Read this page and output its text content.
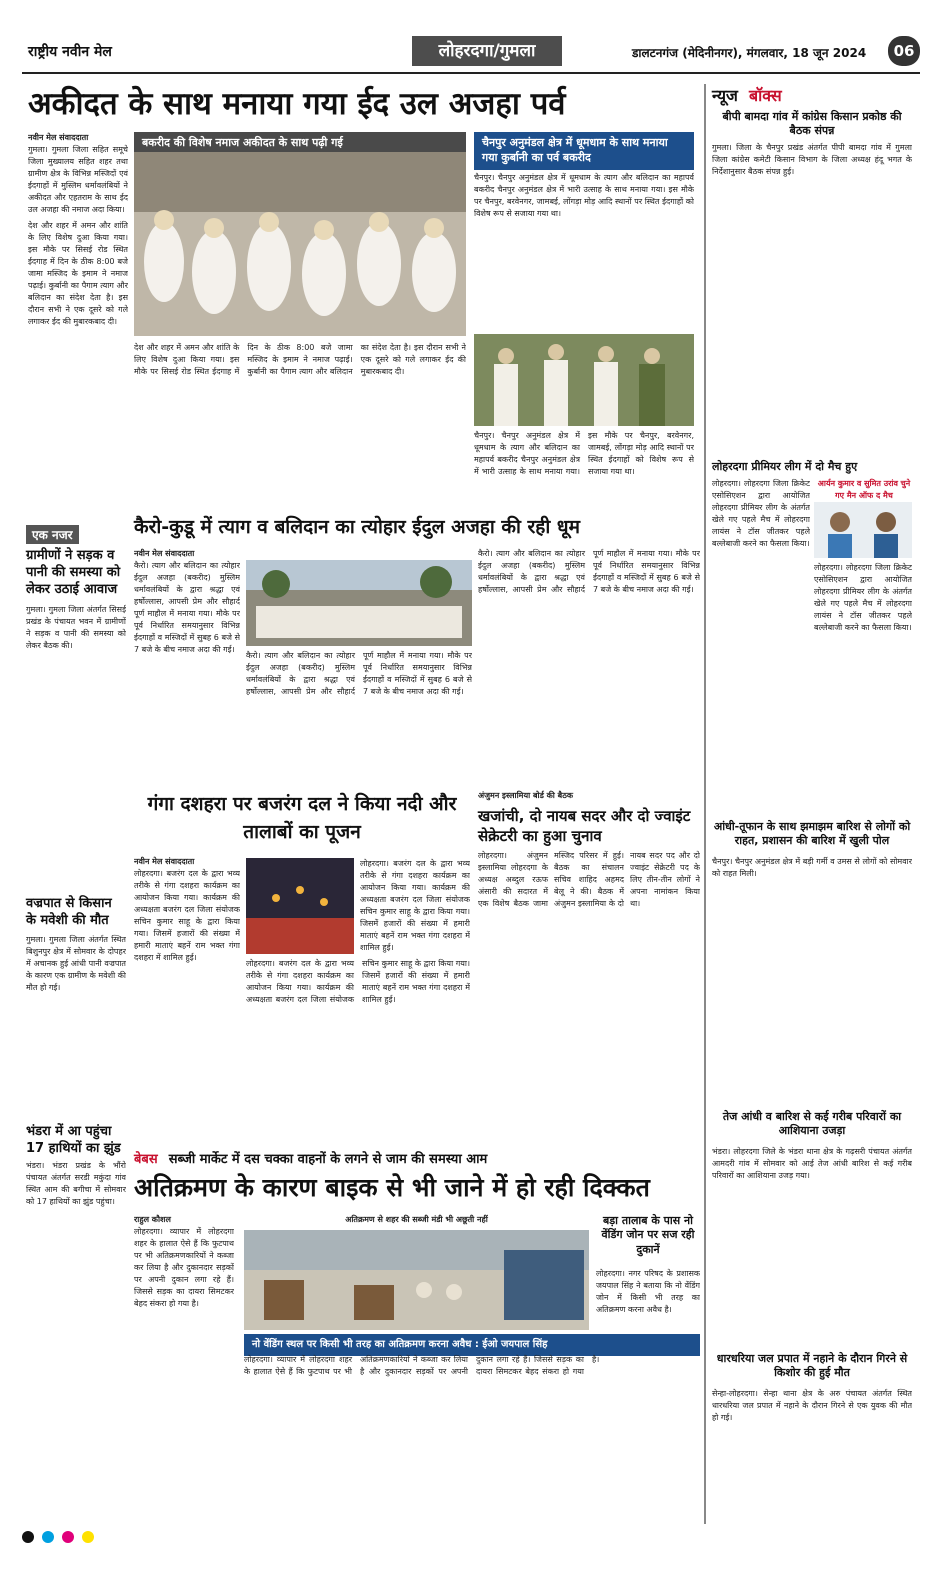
राष्ट्रीय नवीन मेल	लोहरदगा/गुमला	डालटनगंज (मेदिनीनगर), मंगलवार, 18 जून 2024	06
अकीदत के साथ मनाया गया ईद उल अजहा पर्व
नवीन मेल संवाददाता
गुमला। गुमला जिला सहित समूचे जिला मुख्यालय सहित शहर तथा ग्रामीण क्षेत्र के विभिन्न मस्जिदों एवं ईदगाहों में मुस्लिम धर्मावलंबियों ने अकीदत और एहतराम के साथ ईद उल अजहा की नमाज अदा किया।
देश और शहर में अमन और शांति के लिए विशेष दुआ किया गया। इस मौके पर सिसई रोड स्थित ईदगाह में दिन के ठीक 8:00 बजे जामा मस्जिद के इमाम ने नमाज पढ़ाई। कुर्बानी का पैगाम त्याग और बलिदान का संदेश देता है। इस दौरान सभी ने एक दूसरे को गले लगाकर ईद की मुबारकबाद दी।
बकरीद की विशेष नमाज अकीदत के साथ पढ़ी गई
देश और शहर में अमन और शांति के लिए विशेष दुआ किया गया। इस मौके पर सिसई रोड स्थित ईदगाह में दिन के ठीक 8:00 बजे जामा मस्जिद के इमाम ने नमाज पढ़ाई। कुर्बानी का पैगाम त्याग और बलिदान का संदेश देता है। इस दौरान सभी ने एक दूसरे को गले लगाकर ईद की मुबारकबाद दी।
चैनपुर अनुमंडल क्षेत्र में धूमधाम के साथ मनाया गया कुर्बानी का पर्व बकरीद
चैनपुर। चैनपुर अनुमंडल क्षेत्र में धूमधाम के त्याग और बलिदान का महापर्व बकरीद चैनपुर अनुमंडल क्षेत्र में भारी उत्साह के साथ मनाया गया। इस मौके पर चैनपुर, बरवेनगर, जामबई, लोंगड़ा मोड़ आदि स्थानों पर स्थित ईदगाहों को विशेष रूप से सजाया गया था।
चैनपुर। चैनपुर अनुमंडल क्षेत्र में धूमधाम के त्याग और बलिदान का महापर्व बकरीद चैनपुर अनुमंडल क्षेत्र में भारी उत्साह के साथ मनाया गया। इस मौके पर चैनपुर, बरवेनगर, जामबई, लोंगड़ा मोड़ आदि स्थानों पर स्थित ईदगाहों को विशेष रूप से सजाया गया था।
एक नजर
ग्रामीणों ने सड़क व पानी की समस्या को लेकर उठाई आवाज
गुमला। गुमला जिला अंतर्गत सिसई प्रखंड के पंचायत भवन में ग्रामीणों ने सड़क व पानी की समस्या को लेकर बैठक की।
वज्रपात से किसान के मवेशी की मौत
गुमला। गुमला जिला अंतर्गत स्थित बिशुनपुर क्षेत्र में सोमवार के दोपहर में अचानक हुई आंधी पानी वज्रपात के कारण एक ग्रामीण के मवेशी की मौत हो गई।
भंडरा में आ पहुंचा 17 हाथियों का झुंड
भंडरा। भंडरा प्रखंड के भौंरो पंचायत अंतर्गत सरडी मकुंदा गांव स्थित आम की बगीचा में सोमवार को 17 हाथियों का झुंड पहुंचा।
कैरो-कुडू में त्याग व बलिदान का त्योहार ईदुल अजहा की रही धूम
नवीन मेल संवाददाता
कैरो। त्याग और बलिदान का त्योहार ईदुल अजहा (बकरीद) मुस्लिम धर्मावलंबियों के द्वारा श्रद्धा एवं हर्षोल्लास, आपसी प्रेम और सौहार्द पूर्ण माहौल में मनाया गया। मौके पर पूर्व निर्धारित समयानुसार विभिन्न ईदगाहों व मस्जिदों में सुबह 6 बजे से 7 बजे के बीच नमाज अदा की गई।
कैरो। त्याग और बलिदान का त्योहार ईदुल अजहा (बकरीद) मुस्लिम धर्मावलंबियों के द्वारा श्रद्धा एवं हर्षोल्लास, आपसी प्रेम और सौहार्द पूर्ण माहौल में मनाया गया। मौके पर पूर्व निर्धारित समयानुसार विभिन्न ईदगाहों व मस्जिदों में सुबह 6 बजे से 7 बजे के बीच नमाज अदा की गई।
कैरो। त्याग और बलिदान का त्योहार ईदुल अजहा (बकरीद) मुस्लिम धर्मावलंबियों के द्वारा श्रद्धा एवं हर्षोल्लास, आपसी प्रेम और सौहार्द पूर्ण माहौल में मनाया गया। मौके पर पूर्व निर्धारित समयानुसार विभिन्न ईदगाहों व मस्जिदों में सुबह 6 बजे से 7 बजे के बीच नमाज अदा की गई।
गंगा दशहरा पर बजरंग दल ने किया नदी और तालाबों का पूजन
नवीन मेल संवाददाता
लोहरदगा। बजरंग दल के द्वारा भव्य तरीके से गंगा दशहरा कार्यक्रम का आयोजन किया गया। कार्यक्रम की अध्यक्षता बजरंग दल जिला संयोजक सचिन कुमार साहू के द्वारा किया गया। जिसमें हजारों की संख्या में हमारी माताएं बहनें राम भक्त गंगा दशहरा में शामिल हुई।
लोहरदगा। बजरंग दल के द्वारा भव्य तरीके से गंगा दशहरा कार्यक्रम का आयोजन किया गया। कार्यक्रम की अध्यक्षता बजरंग दल जिला संयोजक सचिन कुमार साहू के द्वारा किया गया। जिसमें हजारों की संख्या में हमारी माताएं बहनें राम भक्त गंगा दशहरा में शामिल हुई।
लोहरदगा। बजरंग दल के द्वारा भव्य तरीके से गंगा दशहरा कार्यक्रम का आयोजन किया गया। कार्यक्रम की अध्यक्षता बजरंग दल जिला संयोजक सचिन कुमार साहू के द्वारा किया गया। जिसमें हजारों की संख्या में हमारी माताएं बहनें राम भक्त गंगा दशहरा में शामिल हुई।
अंजुमन इस्लामिया बोर्ड की बैठक
खजांची, दो नायब सदर और दो ज्वाइंट सेक्रेटरी का हुआ चुनाव
लोहरदगा। अंजुमन इस्लामिया लोहरदगा के अध्यक्ष अब्दुल रऊफ अंसारी की सदारत में एक विशेष बैठक जामा मस्जिद परिसर में हुई। बैठक का संचालन सचिव शाहिद अहमद बेलू ने की। बैठक में अंजुमन इस्लामिया के दो नायब सदर पद और दो ज्वाइंट सेक्रेटरी पद के लिए तीन-तीन लोगों ने अपना नामांकन किया था।
बेबस सब्जी मार्केट में दस चक्का वाहनों के लगने से जाम की समस्या आम
अतिक्रमण के कारण बाइक से भी जाने में हो रही दिक्कत
राहुल कौशल
लोहरदगा। व्यापार में लोहरदगा शहर के हालात ऐसे हैं कि फुटपाथ पर भी अतिक्रमणकारियों ने कब्जा कर लिया है और दुकानदार सड़कों पर अपनी दुकान लगा रहे हैं। जिससे सड़क का दायरा सिमटकर बेहद संकरा हो गया है।
अतिक्रमण से शहर की सब्जी मंडी भी अछूती नहीं
नो वेंडिंग स्थल पर किसी भी तरह का अतिक्रमण करना अवैध : ईओ जयपाल सिंह
लोहरदगा। व्यापार में लोहरदगा शहर के हालात ऐसे हैं कि फुटपाथ पर भी अतिक्रमणकारियों ने कब्जा कर लिया है और दुकानदार सड़कों पर अपनी दुकान लगा रहे हैं। जिससे सड़क का दायरा सिमटकर बेहद संकरा हो गया है।
बड़ा तालाब के पास नो वेंडिंग जोन पर सज रही दुकानें
लोहरदगा। नगर परिषद के प्रशासक जयपाल सिंह ने बताया कि नो वेंडिंग जोन में किसी भी तरह का अतिक्रमण करना अवैध है।
न्यूज बॉक्स
बीपी बामदा गांव में कांग्रेस किसान प्रकोष्ठ की बैठक संपन्न
गुमला। जिला के चैनपुर प्रखंड अंतर्गत पीपी बामदा गांव में गुमला जिला कांग्रेस कमेटी किसान विभाग के जिला अध्यक्ष हंदू भगत के निर्देशानुसार बैठक संपन्न हुई।
लोहरदगा प्रीमियर लीग में दो मैच हुए
लोहरदगा। लोहरदगा जिला क्रिकेट एसोसिएशन द्वारा आयोजित लोहरदगा प्रीमियर लीग के अंतर्गत खेले गए पहले मैच में लोहरदगा लायंस ने टॉस जीतकर पहले बल्लेबाजी करने का फैसला किया।
आर्यन कुमार व सुमित उरांव चुने गए मैन ऑफ द मैच
लोहरदगा। लोहरदगा जिला क्रिकेट एसोसिएशन द्वारा आयोजित लोहरदगा प्रीमियर लीग के अंतर्गत खेले गए पहले मैच में लोहरदगा लायंस ने टॉस जीतकर पहले बल्लेबाजी करने का फैसला किया।
आंधी-तूफान के साथ झमाझम बारिश से लोगों को राहत, प्रशासन की बारिश में खुली पोल
चैनपुर। चैनपुर अनुमंडल क्षेत्र में बड़ी गर्मी व उमस से लोगों को सोमवार को राहत मिली।
तेज आंधी व बारिश से कई गरीब परिवारों का आशियाना उजड़ा
भंडरा। लोहरदगा जिले के भंडरा थाना क्षेत्र के गढ़सरी पंचायत अंतर्गत आमदरी गांव में सोमवार को आई तेज आंधी बारिश से कई गरीब परिवारों का आशियाना उजड़ गया।
धारधरिया जल प्रपात में नहाने के दौरान गिरने से किशोर की हुई मौत
सेन्हा-लोहरदगा। सेन्हा थाना क्षेत्र के अरु पंचायत अंतर्गत स्थित धारधरिया जल प्रपात में नहाने के दौरान गिरने से एक युवक की मौत हो गई।
